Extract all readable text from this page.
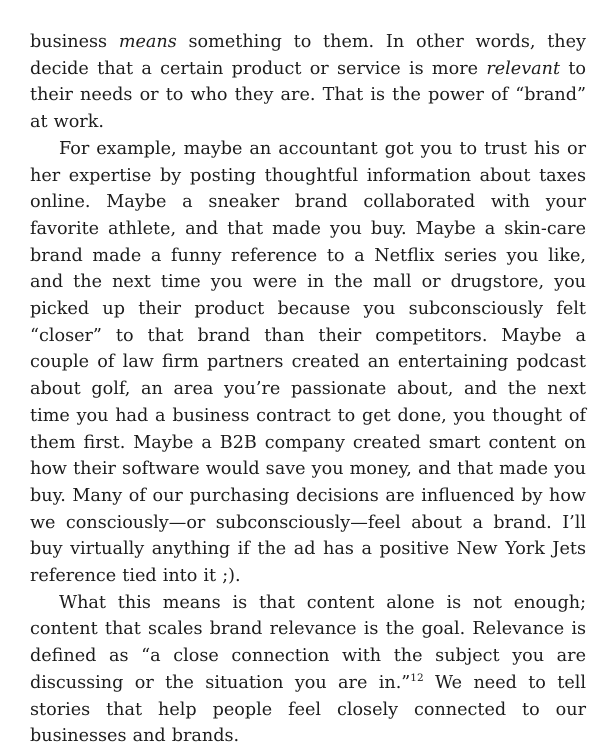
business means something to them. In other words, they decide that a certain product or service is more relevant to their needs or to who they are. That is the power of “brand” at work.

For example, maybe an accountant got you to trust his or her expertise by posting thoughtful information about taxes online. Maybe a sneaker brand collaborated with your favorite athlete, and that made you buy. Maybe a skin-care brand made a funny reference to a Netflix series you like, and the next time you were in the mall or drugstore, you picked up their product because you subconsciously felt “closer” to that brand than their competitors. Maybe a couple of law firm partners created an entertaining podcast about golf, an area you’re passionate about, and the next time you had a business contract to get done, you thought of them first. Maybe a B2B company created smart content on how their software would save you money, and that made you buy. Many of our purchasing decisions are influenced by how we consciously—or subconsciously—feel about a brand. I’ll buy virtually anything if the ad has a positive New York Jets reference tied into it ;).

What this means is that content alone is not enough; content that scales brand relevance is the goal. Relevance is defined as “a close connection with the subject you are discussing or the situation you are in.”$^{12}$ We need to tell stories that help people feel closely connected to our businesses and brands.
